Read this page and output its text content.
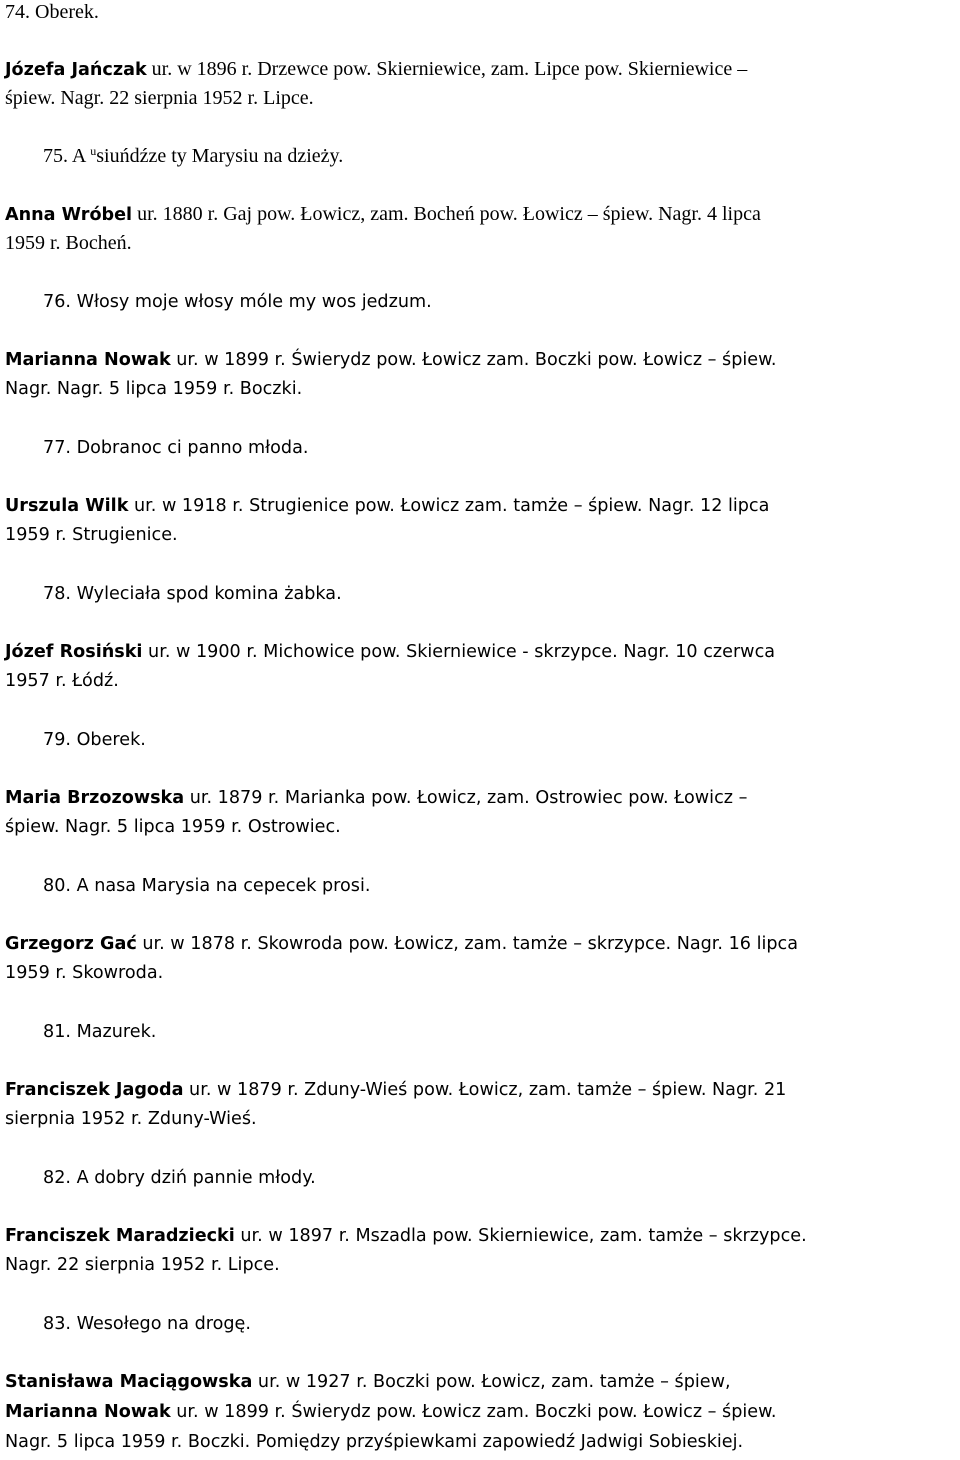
74. Oberek.
Józefa Jańczak ur. w 1896 r. Drzewce pow. Skierniewice, zam. Lipce pow. Skierniewice –
śpiew. Nagr. 22 sierpnia 1952 r. Lipce.
75. A $^u$siuńdźze ty Marysiu na dzieży.
Anna Wróbel ur. 1880 r. Gaj pow. Łowicz, zam. Bocheń pow. Łowicz – śpiew. Nagr. 4 lipca
1959 r. Bocheń.
76. Włosy moje włosy móle my wos jedzum.
Marianna Nowak ur. w 1899 r. Świerydz pow. Łowicz zam. Boczki pow. Łowicz – śpiew.
Nagr. Nagr. 5 lipca 1959 r. Boczki.
77. Dobranoc ci panno młoda.
Urszula Wilk ur. w 1918 r. Strugienice pow. Łowicz zam. tamże – śpiew. Nagr. 12 lipca
1959 r. Strugienice.
78. Wyleciała spod komina żabka.
Józef Rosiński ur. w 1900 r. Michowice pow. Skierniewice - skrzypce. Nagr. 10 czerwca
1957 r. Łódź.
79. Oberek.
Maria Brzozowska ur. 1879 r. Marianka pow. Łowicz, zam. Ostrowiec pow. Łowicz –
śpiew. Nagr. 5 lipca 1959 r. Ostrowiec.
80. A nasa Marysia na cepecek prosi.
Grzegorz Gać ur. w 1878 r. Skowroda pow. Łowicz, zam. tamże – skrzypce. Nagr. 16 lipca
1959 r. Skowroda.
81. Mazurek.
Franciszek Jagoda ur. w 1879 r. Zduny-Wieś pow. Łowicz, zam. tamże – śpiew. Nagr. 21
sierpnia 1952 r. Zduny-Wieś.
82. A dobry dziń pannie młody.
Franciszek Maradziecki ur. w 1897 r. Mszadla pow. Skierniewice, zam. tamże – skrzypce.
Nagr. 22 sierpnia 1952 r. Lipce.
83. Wesołego na drogę.
Stanisława Maciągowska ur. w 1927 r. Boczki pow. Łowicz, zam. tamże – śpiew,
Marianna Nowak ur. w 1899 r. Świerydz pow. Łowicz zam. Boczki pow. Łowicz – śpiew.
Nagr. 5 lipca 1959 r. Boczki. Pomiędzy przyśpiewkami zapowiedź Jadwigi Sobieskiej.
